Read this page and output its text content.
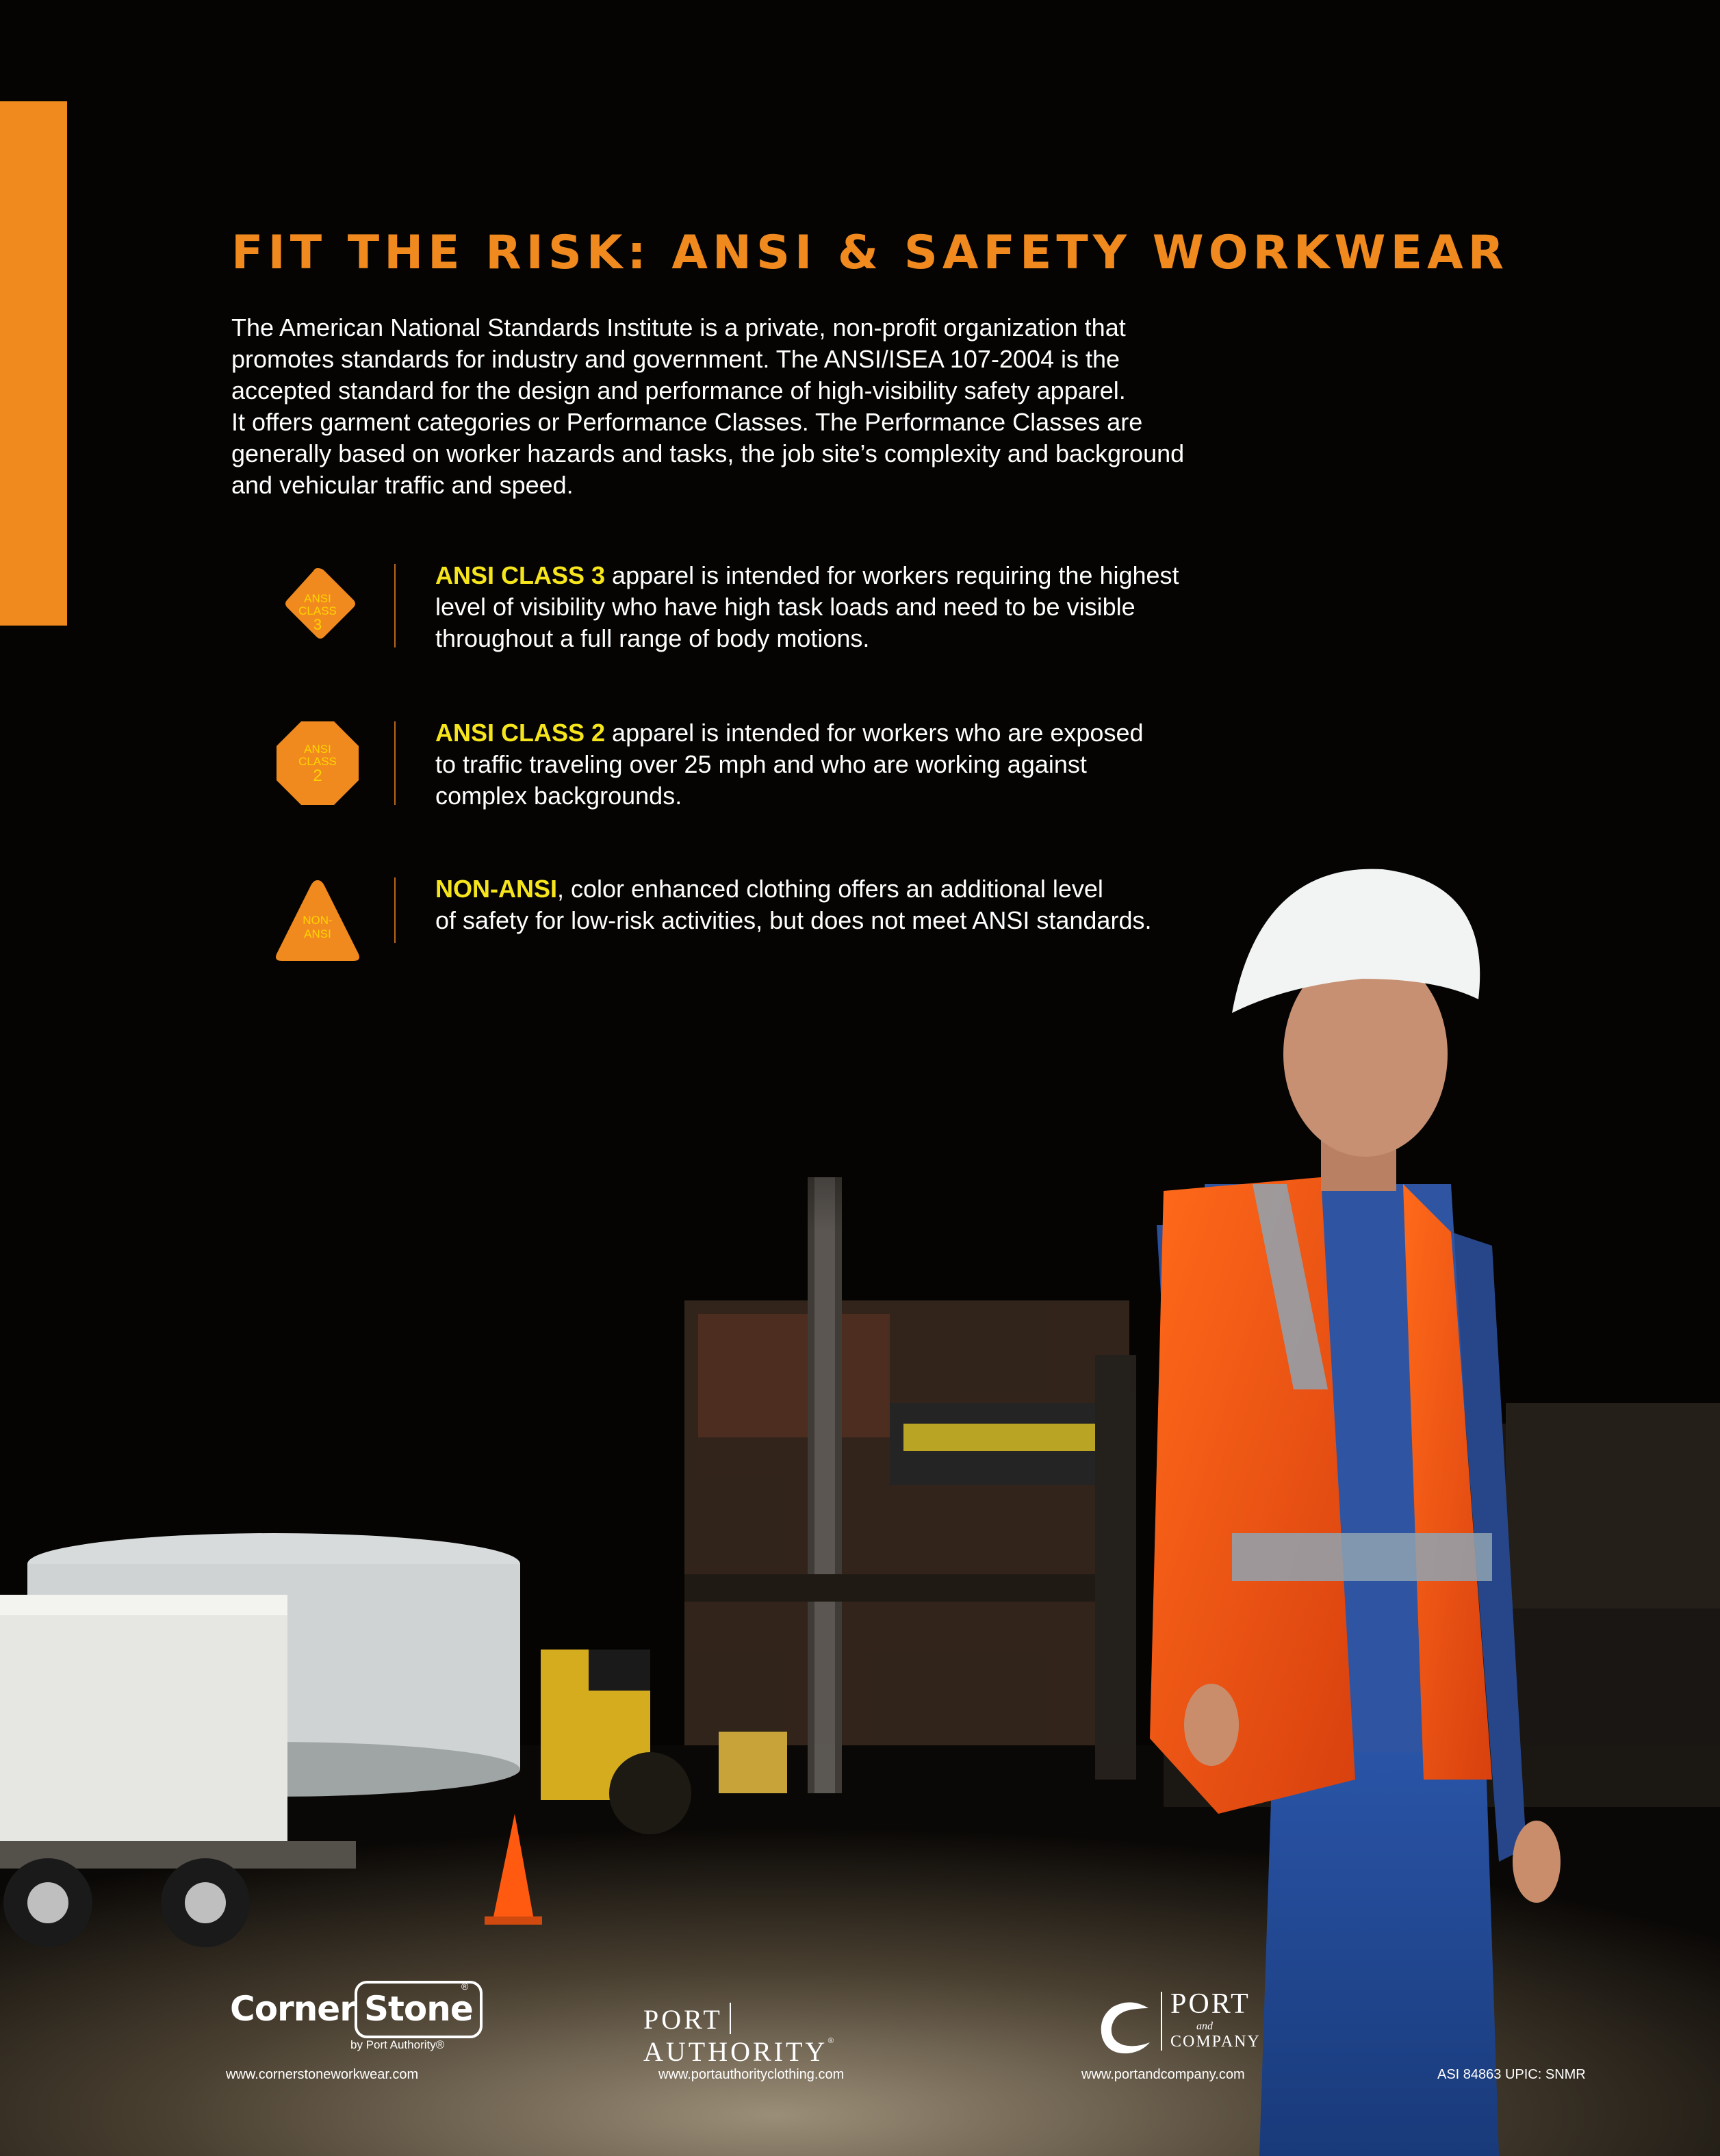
FIT THE RISK: ANSI & SAFETY WORKWEAR

The American National Standards Institute is a private, non-profit organization that
promotes standards for industry and government. The ANSI/ISEA 107-2004 is the
accepted standard for the design and performance of high-visibility safety apparel.
It offers garment categories or Performance Classes. The Performance Classes are
generally based on worker hazards and tasks, the job site’s complexity and background
and vehicular traffic and speed.

ANSI
CLASS
3

ANSI CLASS 3 apparel is intended for workers requiring the highest
level of visibility who have high task loads and need to be visible
throughout a full range of body motions.

ANSI
CLASS
2

ANSI CLASS 2 apparel is intended for workers who are exposed
to traffic traveling over 25 mph and who are working against
complex backgrounds.

NON-
ANSI

NON-ANSI, color enhanced clothing offers an additional level
of safety for low-risk activities, but does not meet ANSI standards.

Corner Stone
®
by Port Authority®
PORTAUTHORITY®
PORT
and
COMPANY
www.cornerstoneworkwear.com	www.portauthorityclothing.com	www.portandcompany.com	ASI 84863 UPIC: SNMR
